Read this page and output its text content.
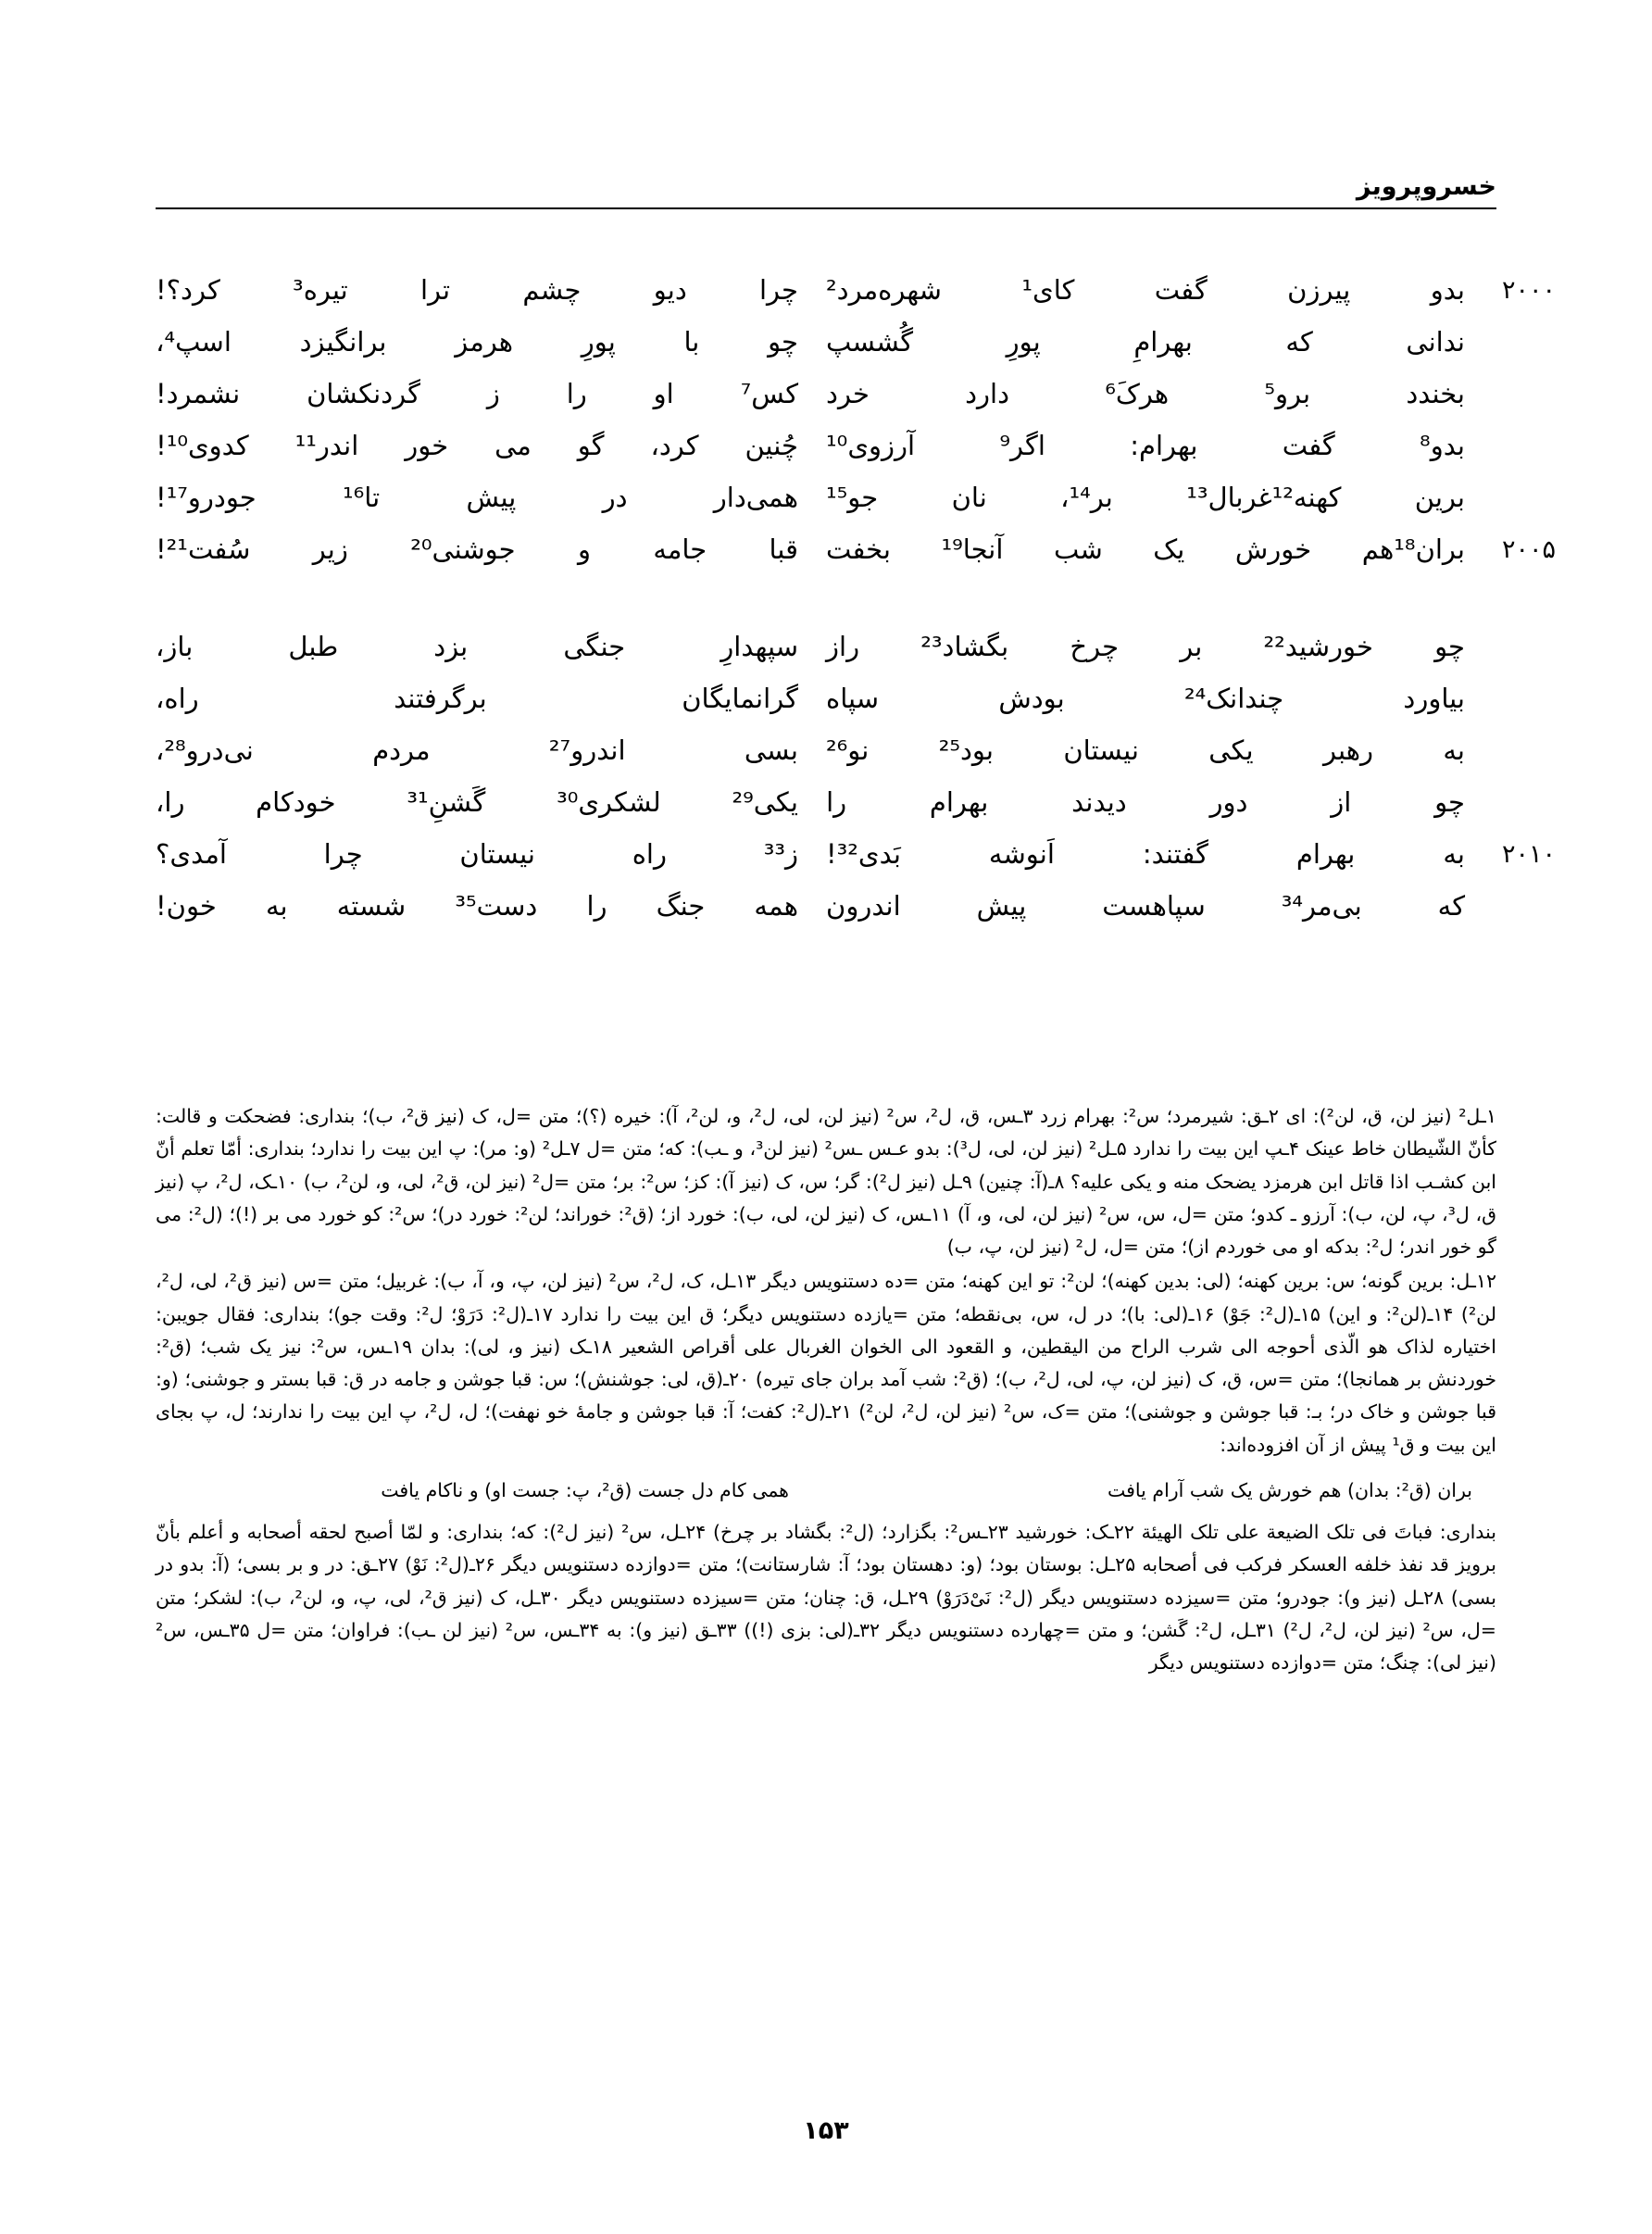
خسروپرویز
۲۰۰۰
بدو
پیرزن
گفت
کای¹
شهره‌مرد²
چرا
دیو
چشم
ترا
تیره³
کرد؟!
ندانی
که
بهرامِ
پورِ
گُشسپ
چو
با
پورِ
هرمز
برانگیزد
اسپ⁴،
بخندد
برو⁵
هرکَ⁶
دارد
خرد
کس⁷
او
را
ز
گردنکشان
نشمرد!
بدو⁸
گفت
بهرام:
اگر⁹
آرزوی¹⁰
چُنین
کرد،
گو
می
خور
اندر¹¹
کدوی¹⁰!
برین
کهنه¹²غربال¹³
بر¹⁴،
نان
جو¹⁵
همی‌دار
در
پیش
تا¹⁶
جودرو¹⁷!
۲۰۰۵
بران¹⁸هم
خورش
یک
شب
آنجا¹⁹
بخفت
قبا
جامه
و
جوشنی²⁰
زیر
سُفت²¹!
چو
خورشید²²
بر
چرخ
بگشاد²³
راز
سپهدارِ
جنگی
بزد
طبل
باز،
بیاورد
چندانک²⁴
بودش
سپاه
گرانمایگان
برگرفتند
راه،
به
رهبر
یکی
نیستان
بود²⁵
نو²⁶
بسی
اندرو²⁷
مردم
نی‌درو²⁸،
چو
از
دور
دیدند
بهرام
را
یکی²⁹
لشکری³⁰
گَشنِ³¹
خودکام
را،
۲۰۱۰
به
بهرام
گفتند:
اَنوشه
بَدی³²!
ز³³
راه
نیستان
چرا
آمدی؟
که
بی‌مر³⁴
سپاهست
پیش
اندرون
همه
جنگ
را
دست³⁵
شسته
به
خون!

۱ـل² (نیز لن، ق، لن²): ای ۲ـق: شیرمرد؛ س²: بهرام زرد ۳ـس، ق، ل²، س² (نیز لن، لی، ل²، و، لن²، آ): خیره (؟)؛ متن =ل، ک (نیز ق²، ب)؛ بنداری: فضحکت و قالت: کأنّ الشّیطان خاط عینک ۴ـپ این بیت را ندارد ۵ـل² (نیز لن، لی، ل³): بدو عـس ـس² (نیز لن³، و ـب): که؛ متن =ل ۷ـل² (و: مر): پ این بیت را ندارد؛ بنداری: أمّا تعلم أنّ ابن کشـب اذا قاتل ابن هرمزد یضحک منه و یکی علیه؟ ۸ـ(آ: چنین) ۹ـل (نیز ل²): گر؛ س، ک (نیز آ): کز؛ س²: بر؛ متن =ل² (نیز لن، ق²، لی، و، لن²، ب) ۱۰ـک، ل²، پ (نیز ق، ل³، پ، لن، ب): آرزو ـ کدو؛ متن =ل، س، س² (نیز لن، لی، و، آ) ۱۱ـس، ک (نیز لن، لی، ب): خورد از؛ (ق²: خوراند؛ لن²: خورد در)؛ س²: کو خورد می بر (!)؛ (ل²: می گو خور اندر؛ ل²: بدکه او می خوردم از)؛ متن =ل، ل² (نیز لن، پ، ب)

۱۲ـل: برین گونه؛ س: برین کهنه؛ (لی: بدین کهنه)؛ لن²: تو این کهنه؛ متن =ده دستنویس دیگر ۱۳ـل، ک، ل²، س² (نیز لن، پ، و، آ، ب): غربیل؛ متن =س (نیز ق²، لی، ل²، لن²) ۱۴ـ(لن²: و این) ۱۵ـ(ل²: جَوْ) ۱۶ـ(لی: با)؛ در ل، س، بی‌نقطه؛ متن =یازده دستنویس دیگر؛ ق این بیت را ندارد ۱۷ـ(ل²: دَرَوْ؛ ل²: وقت جو)؛ بنداری: فقال جویبن: اختیاره لذاک هو الّذی أحوجه الی شرب الراح من الیقطین، و القعود الی الخوان الغربال علی أقراص الشعیر ۱۸ـک (نیز و، لی): بدان ۱۹ـس، س²: نیز یک شب؛ (ق²: خوردنش بر همانجا)؛ متن =س، ق، ک (نیز لن، پ، لی، ل²، ب)؛ (ق²: شب آمد بران جای تیره) ۲۰ـ(ق، لی: جوشنش)؛ س: قبا جوشن و جامه در ق: قبا بستر و جوشنی؛ (و: قبا جوشن و خاک در؛ بـ: قبا جوشن و جوشنی)؛ متن =ک، س² (نیز لن، ل²، لن²) ۲۱ـ(ل²: کفت؛ آ: قبا جوشن و جامهٔ خو نهفت)؛ ل، ل²، پ این بیت را ندارند؛ ل، پ بجای این بیت و ق¹ پیش از آن افزوده‌اند:

بران (ق²: بدان) هم خورش یک شب آرام یافت
همی کام دل جست (ق²، پ: جست او) و ناکام یافت

بنداری: فباتَ فی تلک الضیعة علی تلک الهیئة ۲۲ـک: خورشید ۲۳ـس²: بگزارد؛ (ل²: بگشاد بر چرخ) ۲۴ـل، س² (نیز ل²): که؛ بنداری: و لمّا أصبح لحقه أصحابه و أعلم بأنّ برویز قد نفذ خلفه العسکر فرکب فی أصحابه ۲۵ـل: بوستان بود؛ (و: دهستان بود؛ آ: شارستانت)؛ متن =دوازده دستنویس دیگر ۲۶ـ(ل²: نَوْ) ۲۷ـق: در و بر بسی؛ (آ: بدو در بسی) ۲۸ـل (نیز و): جودرو؛ متن =سیزده دستنویس دیگر (ل²: نَیْ‌دَرَوْ) ۲۹ـل، ق: چنان؛ متن =سیزده دستنویس دیگر ۳۰ـل، ک (نیز ق²، لی، پ، و، لن²، ب): لشکر؛ متن =ل، س² (نیز لن، ل²، ل²) ۳۱ـل، ل²: گَشن؛ و متن =چهارده دستنویس دیگر ۳۲ـ(لی: بزی (!)) ۳۳ـق (نیز و): به ۳۴ـس، س² (نیز لن ـب): فراوان؛ متن =ل ۳۵ـس، س² (نیز لی): چنگ؛ متن =دوازده دستنویس دیگر

۱۵۳
